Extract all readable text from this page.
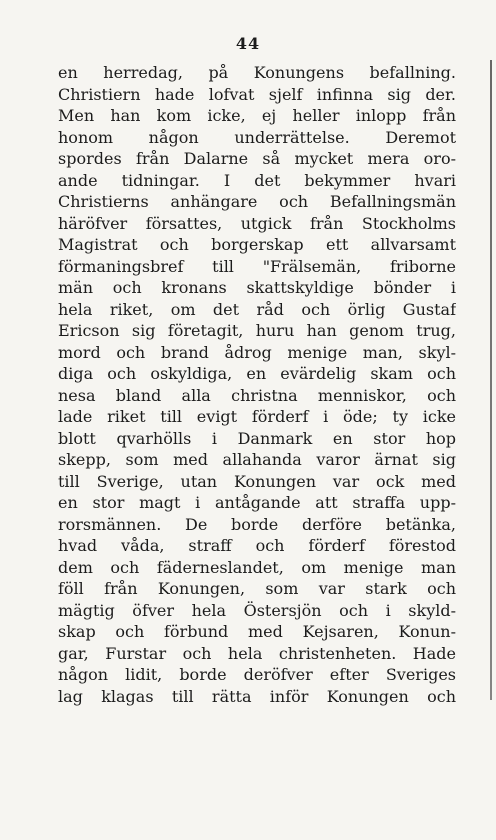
44
en herredag, på Konungens befallning.
Christiern hade lofvat sjelf infinna sig der.
Men han kom icke, ej heller inlopp från
honom någon underrättelse. Deremot
spordes från Dalarne så mycket mera oro-
ande tidningar. I det bekymmer hvari
Christierns anhängare och Befallningsmän
häröfver försattes, utgick från Stockholms
Magistrat och borgerskap ett allvarsamt
förmaningsbref till "Frälsemän, friborne
män och kronans skattskyldige bönder i
hela riket, om det råd och örlig Gustaf
Ericson sig företagit, huru han genom trug,
mord och brand ådrog menige man, skyl-
diga och oskyldiga, en evärdelig skam och
nesa bland alla christna menniskor, och
lade riket till evigt förderf i öde; ty icke
blott qvarhölls i Danmark en stor hop
skepp, som med allahanda varor ärnat sig
till Sverige, utan Konungen var ock med
en stor magt i antågande att straffa upp-
rorsmännen. De borde derföre betänka,
hvad våda, straff och förderf förestod
dem och fäderneslandet, om menige man
föll från Konungen, som var stark och
mägtig öfver hela Östersjön och i skyld-
skap och förbund med Kejsaren, Konun-
gar, Furstar och hela christenheten. Hade
någon lidit, borde deröfver efter Sveriges
lag klagas till rätta inför Konungen och
